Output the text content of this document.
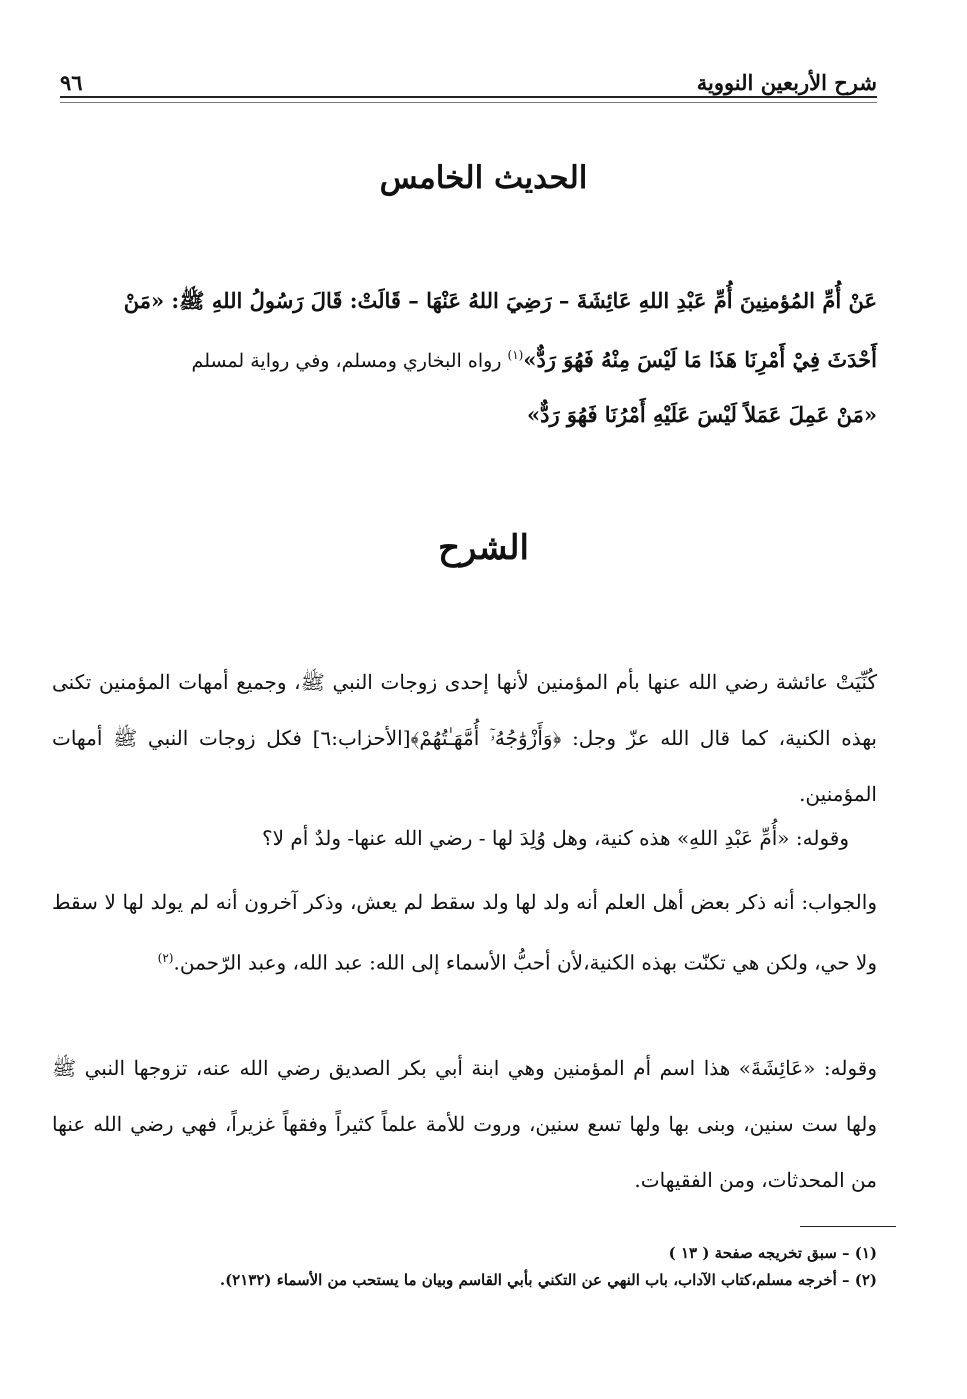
شرح الأربعين النووية
٩٦
الحديث الخامس

عَنْ أُمِّ المُؤمنِينَ أُمِّ عَبْدِ اللهِ عَائِشَةَ – رَضِيَ اللهُ عَنْهَا – قَالَتْ: قَالَ رَسُولُ اللهِ ﷺ: «مَنْ

أَحْدَثَ فِيْ أَمْرِنَا هَذَا مَا لَيْسَ مِنْهُ فَهُوَ رَدٌّ»$^{(١)}$ رواه البخاري ومسلم، وفي رواية لمسلم

«مَنْ عَمِلَ عَمَلاً لَيْسَ عَلَيْهِ أَمْرُنَا فَهُوَ رَدٌّ»

الشرح

كُنِّيَتْ عائشة رضي الله عنها بأم المؤمنين لأنها إحدى زوجات النبي ﷺ، وجميع أمهات المؤمنين تكنى بهذه الكنية، كما قال الله عزّ وجل: ﴿وَأَزْوَٰجُهُۥٓ أُمَّهَـٰتُهُمْ﴾[الأحزاب:٦] فكل زوجات النبي ﷺ أمهات المؤمنين.

وقوله: «أُمِّ عَبْدِ اللهِ» هذه كنية، وهل وُلِدَ لها - رضي الله عنها- ولدٌ أم لا؟

والجواب: أنه ذكر بعض أهل العلم أنه ولد لها ولد سقط لم يعش، وذكر آخرون أنه لم يولد لها لا سقط ولا حي، ولكن هي تكنّت بهذه الكنية،لأن أحبُّ الأسماء إلى الله: عبد الله، وعبد الرّحمن.$^{(٢)}$

وقوله: «عَائِشَةَ» هذا اسم أم المؤمنين وهي ابنة أبي بكر الصديق رضي الله عنه، تزوجها النبي ﷺ ولها ست سنين، وبنى بها ولها تسع سنين، وروت للأمة علماً كثيراً وفقهاً غزيراً، فهي رضي الله عنها من المحدثات، ومن الفقيهات.

(١) – سبق تخريجه صفحة ( ١٣ )
(٢) – أخرجه مسلم،كتاب الآداب، باب النهي عن التكني بأبي القاسم وبيان ما يستحب من الأسماء (٢١٣٢).
